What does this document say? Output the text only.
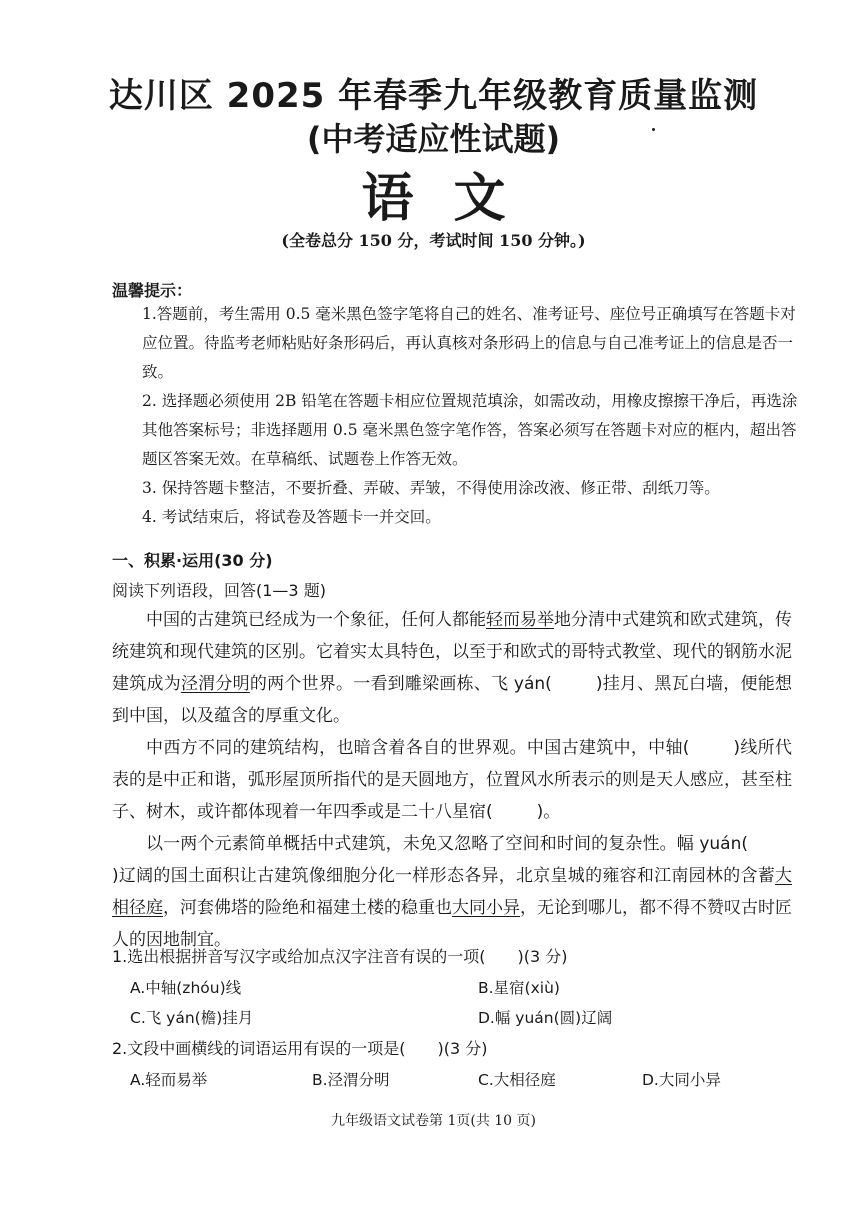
达川区 2025 年春季九年级教育质量监测
(中考适应性试题)
语文
(全卷总分 150 分，考试时间 150 分钟。)
温馨提示：

1.答题前，考生需用 0.5 毫米黑色签字笔将自己的姓名、准考证号、座位号正确填写在答题卡对应位置。待监考老师粘贴好条形码后，再认真核对条形码上的信息与自己准考证上的信息是否一致。

2. 选择题必须使用 2B 铅笔在答题卡相应位置规范填涂，如需改动，用橡皮擦擦干净后，再选涂其他答案标号；非选择题用 0.5 毫米黑色签字笔作答，答案必须写在答题卡对应的框内，超出答题区答案无效。在草稿纸、试题卷上作答无效。

3. 保持答题卡整洁，不要折叠、弄破、弄皱，不得使用涂改液、修正带、刮纸刀等。

4. 考试结束后，将试卷及答题卡一并交回。

一、积累·运用(30 分)
阅读下列语段，回答(1—3 题)

中国的古建筑已经成为一个象征，任何人都能轻而易举地分清中式建筑和欧式建筑，传统建筑和现代建筑的区别。它着实太具特色，以至于和欧式的哥特式教堂、现代的钢筋水泥建筑成为泾渭分明的两个世界。一看到雕梁画栋、飞 yán(	)挂月、黑瓦白墙，便能想到中国，以及蕴含的厚重文化。

中西方不同的建筑结构，也暗含着各自的世界观。中国古建筑中，中轴(	)线所代表的是中正和谐，弧形屋顶所指代的是天圆地方，位置风水所表示的则是天人感应，甚至柱子、树木，或许都体现着一年四季或是二十八星宿(	)。

以一两个元素简单概括中式建筑，未免又忽略了空间和时间的复杂性。幅 yuán()辽阔的国土面积让古建筑像细胞分化一样形态各异，北京皇城的雍容和江南园林的含蓄大相径庭，河套佛塔的险绝和福建土楼的稳重也大同小异，无论到哪儿，都不得不赞叹古时匠人的因地制宜。

1.选出根据拼音写汉字或给加点汉字注音有误的一项(　　)(3 分)
A.中轴(zhóu)线	B.星宿(xiù)
C.飞 yán(檐)挂月	D.幅 yuán(圆)辽阔
2.文段中画横线的词语运用有误的一项是(　　)(3 分)
A.轻而易举	B.泾渭分明	C.大相径庭	D.大同小异
九年级语文试卷第 1页(共 10 页)
